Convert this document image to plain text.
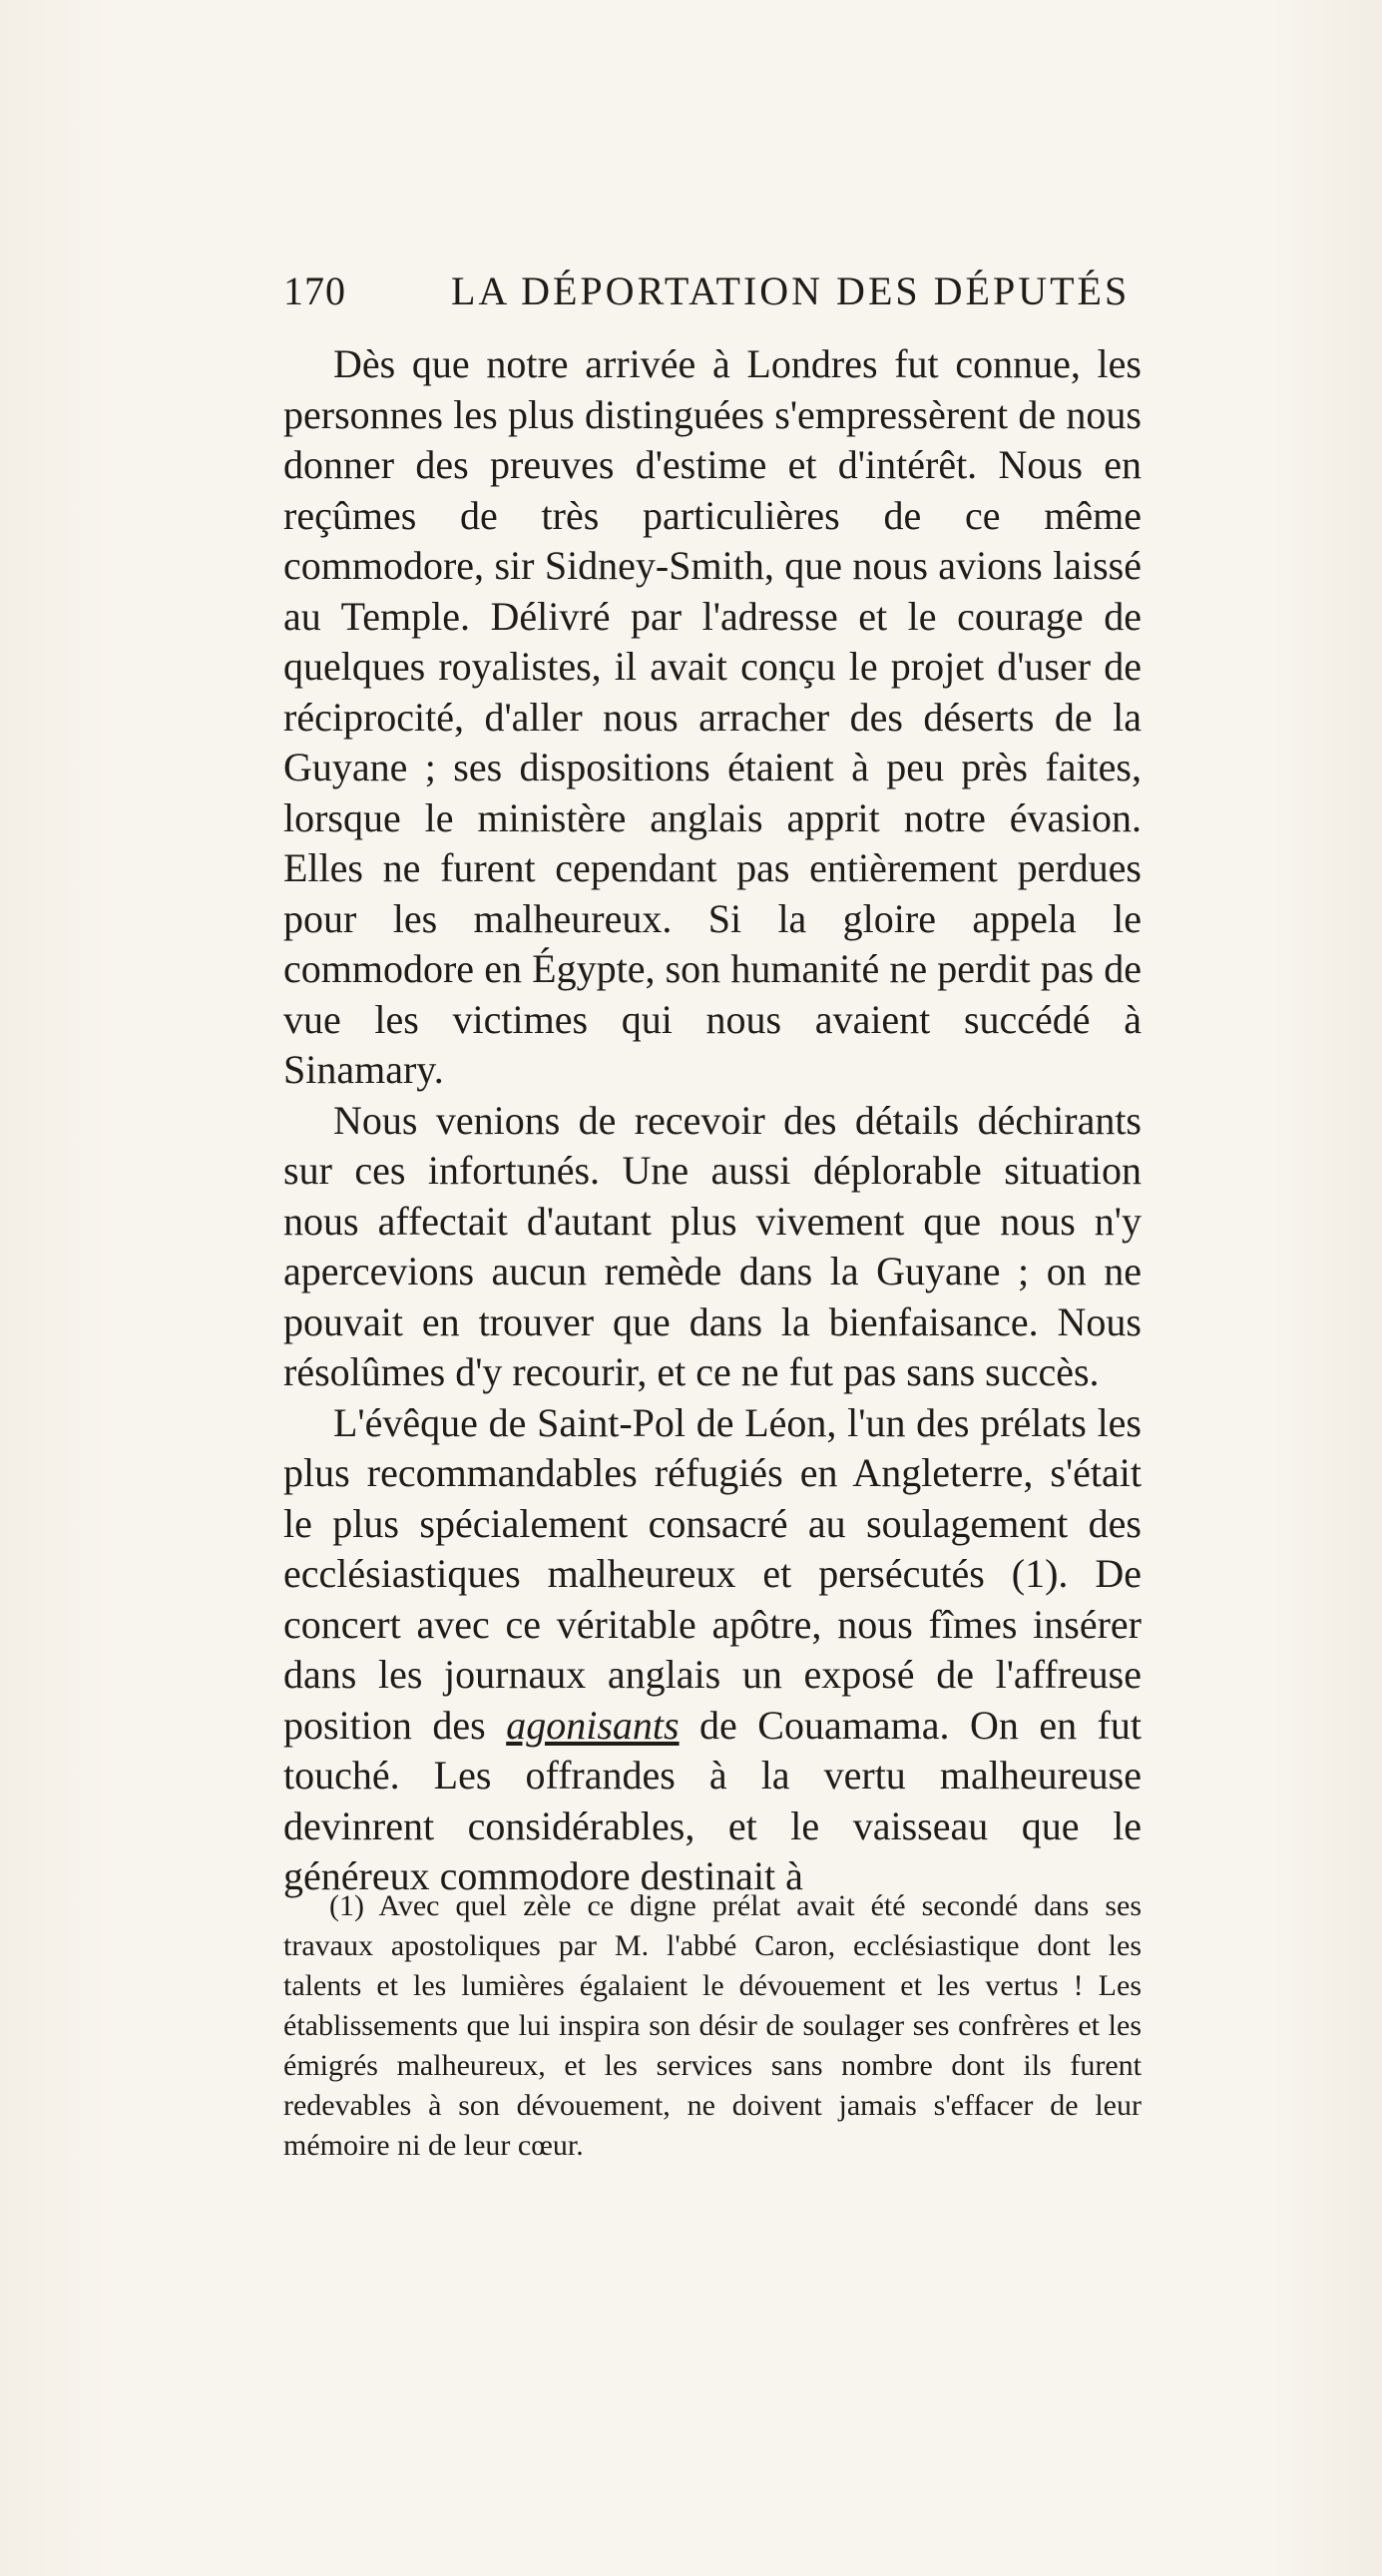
170	LA DÉPORTATION DES DÉPUTÉS

Dès que notre arrivée à Londres fut connue, les personnes les plus distinguées s'empressèrent de nous donner des preuves d'estime et d'intérêt. Nous en reçûmes de très particulières de ce même commodore, sir Sidney-Smith, que nous avions laissé au Temple. Délivré par l'adresse et le courage de quelques royalistes, il avait conçu le projet d'user de réciprocité, d'aller nous arracher des déserts de la Guyane ; ses dispositions étaient à peu près faites, lorsque le ministère anglais apprit notre évasion. Elles ne furent cependant pas entièrement perdues pour les malheureux. Si la gloire appela le commodore en Égypte, son humanité ne perdit pas de vue les victimes qui nous avaient succédé à Sinamary.

Nous venions de recevoir des détails déchirants sur ces infortunés. Une aussi déplorable situation nous affectait d'autant plus vivement que nous n'y apercevions aucun remède dans la Guyane ; on ne pouvait en trouver que dans la bienfaisance. Nous résolûmes d'y recourir, et ce ne fut pas sans succès.

L'évêque de Saint-Pol de Léon, l'un des prélats les plus recommandables réfugiés en Angleterre, s'était le plus spécialement consacré au soulagement des ecclésiastiques malheureux et persécutés (1). De concert avec ce véritable apôtre, nous fîmes insérer dans les journaux anglais un exposé de l'affreuse position des agonisants de Couamama. On en fut touché. Les offrandes à la vertu malheureuse devinrent considérables, et le vaisseau que le généreux commodore destinait à

(1) Avec quel zèle ce digne prélat avait été secondé dans ses travaux apostoliques par M. l'abbé Caron, ecclésiastique dont les talents et les lumières égalaient le dévouement et les vertus ! Les établissements que lui inspira son désir de soulager ses confrères et les émigrés malheureux, et les services sans nombre dont ils furent redevables à son dévouement, ne doivent jamais s'effacer de leur mémoire ni de leur cœur.
